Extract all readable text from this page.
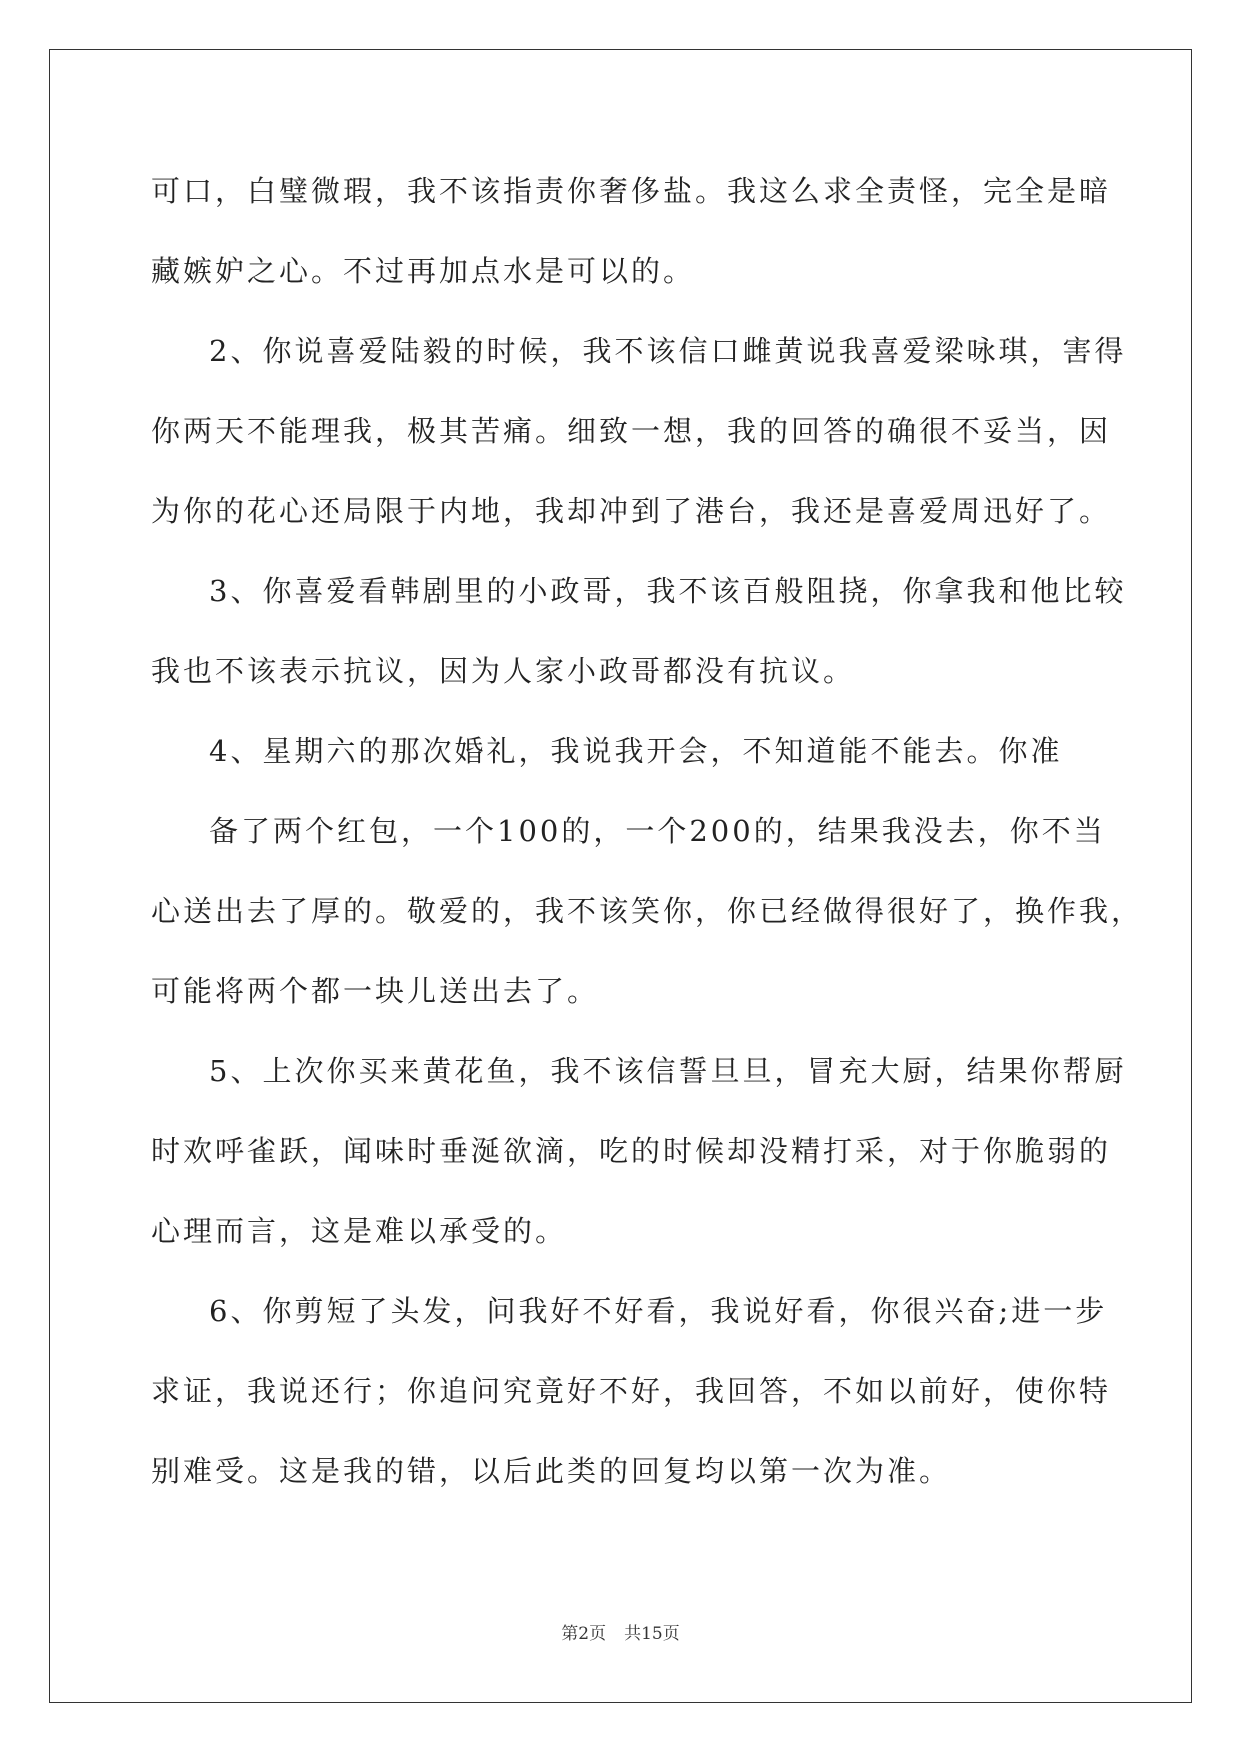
可口，白璧微瑕，我不该指责你奢侈盐。我这么求全责怪，完全是暗
藏嫉妒之心。不过再加点水是可以的。
2、你说喜爱陆毅的时候，我不该信口雌黄说我喜爱梁咏琪，害得
你两天不能理我，极其苦痛。细致一想，我的回答的确很不妥当，因
为你的花心还局限于内地，我却冲到了港台，我还是喜爱周迅好了。
3、你喜爱看韩剧里的小政哥，我不该百般阻挠，你拿我和他比较
我也不该表示抗议，因为人家小政哥都没有抗议。
4、星期六的那次婚礼，我说我开会，不知道能不能去。你准
备了两个红包，一个100的，一个200的，结果我没去，你不当
心送出去了厚的。敬爱的，我不该笑你，你已经做得很好了，换作我，
可能将两个都一块儿送出去了。
5、上次你买来黄花鱼，我不该信誓旦旦，冒充大厨，结果你帮厨
时欢呼雀跃，闻味时垂涎欲滴，吃的时候却没精打采，对于你脆弱的
心理而言，这是难以承受的。
6、你剪短了头发，问我好不好看，我说好看，你很兴奋;进一步
求证，我说还行；你追问究竟好不好，我回答，不如以前好，使你特
别难受。这是我的错，以后此类的回复均以第一次为准。
第2页 共15页
